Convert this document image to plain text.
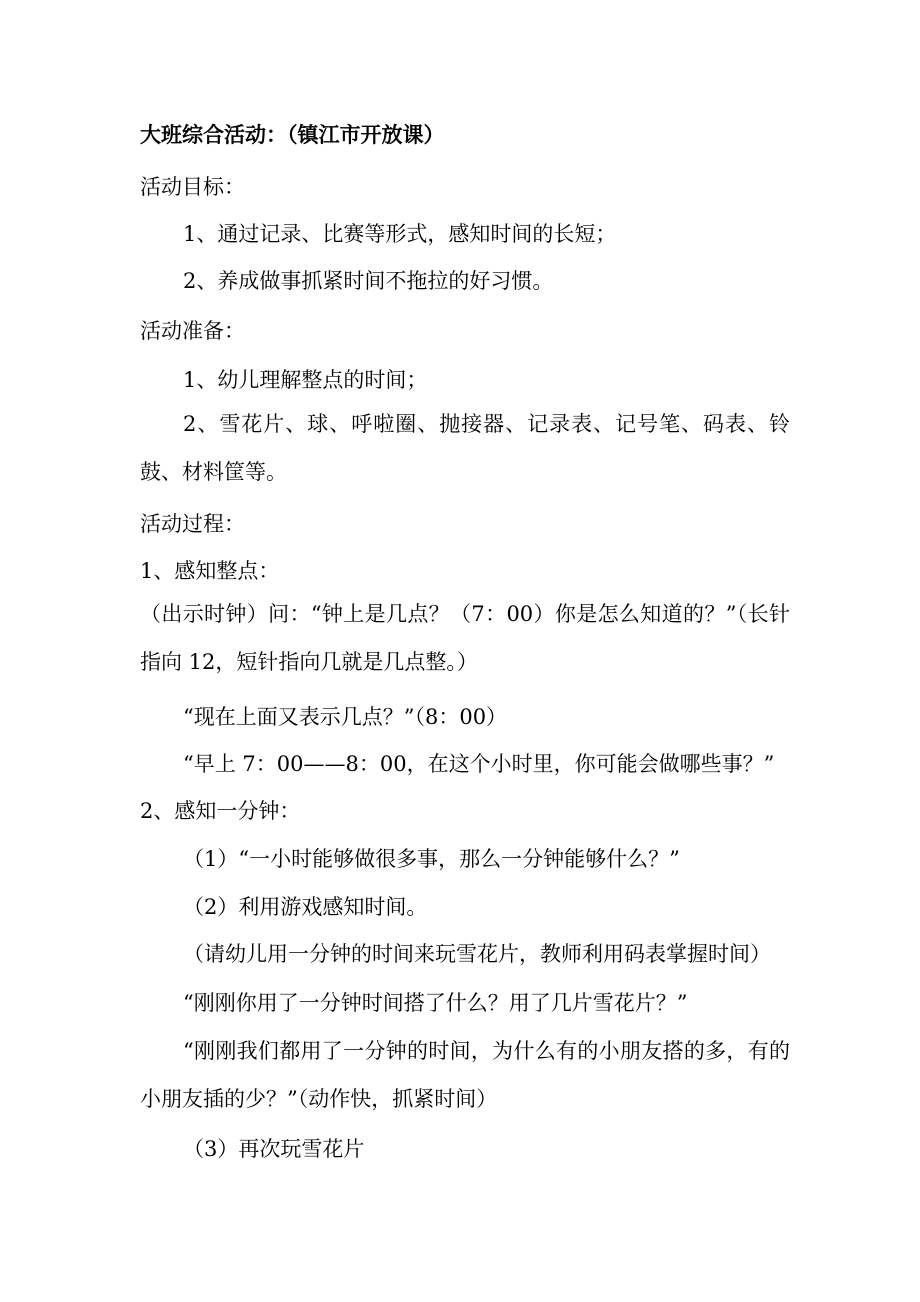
大班综合活动：（镇江市开放课）

活动目标：

1、通过记录、比赛等形式，感知时间的长短；

2、养成做事抓紧时间不拖拉的好习惯。

活动准备：

1、幼儿理解整点的时间；

2、雪花片、球、呼啦圈、抛接器、记录表、记号笔、码表、铃鼓、材料筐等。

活动过程：

1、感知整点：

（出示时钟）问：“钟上是几点？（7：00）你是怎么知道的？”（长针指向 12，短针指向几就是几点整。）

“现在上面又表示几点？”（8：00）

“早上 7：00——8：00，在这个小时里，你可能会做哪些事？”

2、感知一分钟：

（1）“一小时能够做很多事，那么一分钟能够什么？”

（2）利用游戏感知时间。

（请幼儿用一分钟的时间来玩雪花片，教师利用码表掌握时间）

“刚刚你用了一分钟时间搭了什么？用了几片雪花片？”

“刚刚我们都用了一分钟的时间，为什么有的小朋友搭的多，有的小朋友插的少？”（动作快，抓紧时间）

（3）再次玩雪花片
